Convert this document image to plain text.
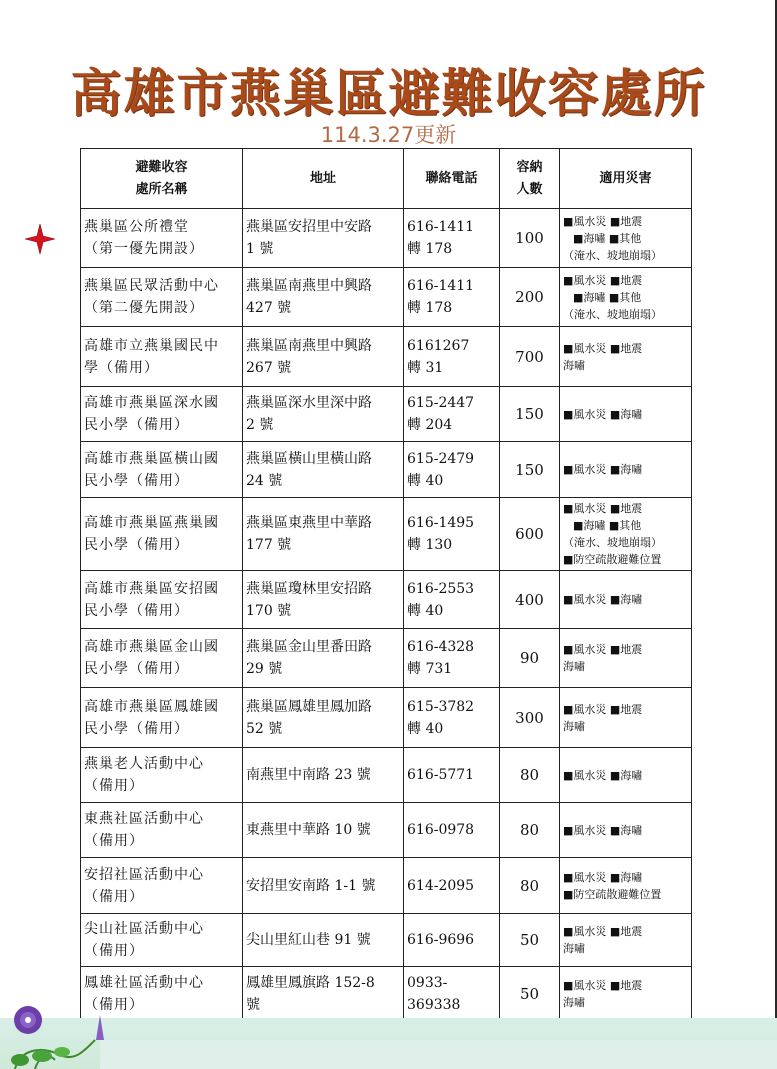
高雄市燕巢區避難收容處所
114.3.27更新
避難收容
處所名稱	地址	聯絡電話	容納
人數	適用災害

燕巢區公所禮堂
（第一優先開設）	燕巢區安招里中安路
1 號	616-1411
轉 178	100	■風水災 ■地震
■海嘯 ■其他
（淹水、坡地崩塌）

燕巢區民眾活動中心
（第二優先開設）	燕巢區南燕里中興路
427 號	616-1411
轉 178	200	■風水災 ■地震
■海嘯 ■其他
（淹水、坡地崩塌）

高雄市立燕巢國民中
學（備用）	燕巢區南燕里中興路
267 號	6161267
轉 31	700	■風水災 ■地震
海嘯

高雄市燕巢區深水國
民小學（備用）	燕巢區深水里深中路
2 號	615-2447
轉 204	150	■風水災 ■海嘯

高雄市燕巢區橫山國
民小學（備用）	燕巢區橫山里橫山路
24 號	615-2479
轉 40	150	■風水災 ■海嘯

高雄市燕巢區燕巢國
民小學（備用）	燕巢區東燕里中華路
177 號	616-1495
轉 130	600	■風水災 ■地震
■海嘯 ■其他
（淹水、坡地崩塌）
■防空疏散避難位置

高雄市燕巢區安招國
民小學（備用）	燕巢區瓊林里安招路
170 號	616-2553
轉 40	400	■風水災 ■海嘯

高雄市燕巢區金山國
民小學（備用）	燕巢區金山里番田路
29 號	616-4328
轉 731	90	■風水災 ■地震
海嘯

高雄市燕巢區鳳雄國
民小學（備用）	燕巢區鳳雄里鳳加路
52 號	615-3782
轉 40	300	■風水災 ■地震
海嘯

燕巢老人活動中心
（備用）	南燕里中南路 23 號	616-5771	80	■風水災 ■海嘯

東燕社區活動中心
（備用）	東燕里中華路 10 號	616-0978	80	■風水災 ■海嘯

安招社區活動中心
（備用）	安招里安南路 1-1 號	614-2095	80	■風水災 ■海嘯
■防空疏散避難位置

尖山社區活動中心
（備用）	尖山里紅山巷 91 號	616-9696	50	■風水災 ■地震
海嘯

鳳雄社區活動中心
（備用）	鳳雄里鳳旗路 152-8
號	0933-369338	50	■風水災 ■地震
海嘯
